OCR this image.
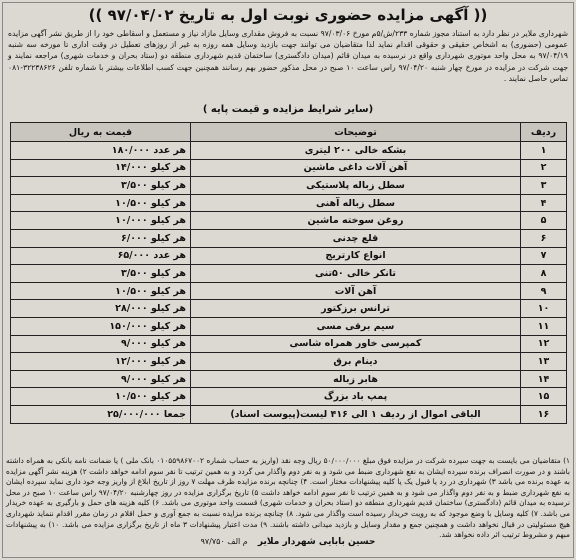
(( آگهی مزایده حضوری نوبت اول به تاریخ ۹۷/۰۴/۰۲ ))
شهرداری ملایر در نظر دارد به استناد مجوز شماره ۲۳۳/ش/۵م مورخ ۹۷/۰۳/۰۶ نسبت به فروش مقداری وسایل مازاد نیاز و مستعمل و اسقاطی خود را از طریق نشر آگهی مزایده عمومی (حضوری) به اشخاص حقیقی و حقوقی اقدام نماید لذا متقاضیان می توانند جهت بازدید وسایل همه روزه به غیر از روزهای تعطیل در وقت اداری تا مورخه سه شنبه ۹۷/۰۴/۱۹ به محل واحد موتوری شهرداری واقع در نرسیده به میدان قائم (میدان دادگستری) ساختمان قدیم شهرداری منطقه دو (ستاد بحران و خدمات شهری) مراجعه نمایند و جهت شرکت در مزایده در مورخ چهار شنبه ۹۷/۰۴/۲۰ راس ساعت ۱۰ صبح در محل مذکور حضور بهم رسانند همچنین جهت کسب اطلاعات بیشتر با شماره تلفن ۳۲۲۳۸۶۲۶-۰۸۱ تماس حاصل نمایند .
(سایر شرایط مزایده و قیمت پایه )
ردیف	توضیحات	قیمت به ریال
۱	بشکه خالی ۲۰۰ لیتری	هر عدد ۱۸۰/۰۰۰
۲	آهن آلات داغی ماشین	هر کیلو ۱۴/۰۰۰
۳	سطل زباله پلاستیکی	هر کیلو ۳/۵۰۰
۴	سطل زباله آهنی	هر کیلو ۱۰/۵۰۰
۵	روغن سوخته ماشین	هر کیلو ۱۰/۰۰۰
۶	قلع چدنی	هر کیلو ۶/۰۰۰
۷	انواع کارتریج	هر عدد ۶۵/۰۰۰
۸	تانکر خالی ۵۰تنی	هر کیلو ۳/۵۰۰
۹	آهن آلات	هر کیلو ۱۰/۵۰۰
۱۰	ترانس برزکتور	هر کیلو ۲۸/۰۰۰
۱۱	سیم برقی مسی	هر کیلو ۱۵۰/۰۰۰
۱۲	کمپرسی خاور همراه شاسی	هر کیلو ۹/۰۰۰
۱۳	دینام برق	هر کیلو ۱۲/۰۰۰
۱۴	هابر زباله	هر کیلو ۹/۰۰۰
۱۵	پمپ باد بزرگ	هر کیلو ۱۰/۵۰۰
۱۶	الباقی اموال از ردیف ۱ الی ۴۱۶ لیست(پیوست اسناد)	جمعا ۲۵/۰۰۰/۰۰۰
۱) متقاضیان می بایست به جهت سپرده شرکت در مزایده فوق مبلغ ۵۰/۰۰۰/۰۰۰ ریال وجه نقد (واریز به حساب شماره ۰۱۰۵۵۹۸۶۷۰۰۲ بانک ملی ) یا ضمانت نامه بانکی به همراه داشته باشند و در صورت انصراف برنده سپرده ایشان به نفع شهرداری ضبط می شود و به نفر دوم واگذار می گردد و به همین ترتیب تا نفر سوم ادامه خواهد داشت ۲) هزینه نشر آگهی مزایده به عهده برنده می باشد ۳) شهرداری در رد یا قبول یک یا کلیه پیشنهادات مختار است. ۴) چنانچه برنده مزایده ظرف مهلت ۷ روز از تاریخ ابلاغ از واریز وجه خود داری نماید سپرده ایشان به نفع شهرداری ضبط و به نفر دوم واگذار می شود و به همین ترتیب تا نفر سوم ادامه خواهد داشت ۵) تاریخ برگزاری مزایده در روز چهارشنبه ۹۷/۰۴/۲۰ راس ساعت ۱۰ صبح در محل نرسیده به میدان قائم (دادگستری) ساختمان قدیم شهرداری منطقه دو (ستاد بحران و خدمات شهری) قسمت واحد موتوری می باشد. ۶) کلیه هزینه های حمل و بارگیری به عهده خریدار می باشد. ۷) کلیه وسایل با وضع موجود که به رویت خریدار رسیده است واگذار می شود. ۸) چنانچه برنده مزایده نسبت به جمع آوری و حمل اقلام در زمان مقرر اقدام ننماید شهرداری هیچ مسئولیتی در قبال نخواهد داشت و همچنین جمع و مقدار وسایل و بازدید میدانی داشته باشند. ۹) مدت اعتبار پیشنهادات ۳ ماه از تاریخ برگزاری مزایده می باشد. ۱۰) به پیشنهادات مبهم و مشروط ترتیب اثر داده نخواهد شد.
حسین بابایی شهردار ملایر    م الف ۹۷/۷۵۰
